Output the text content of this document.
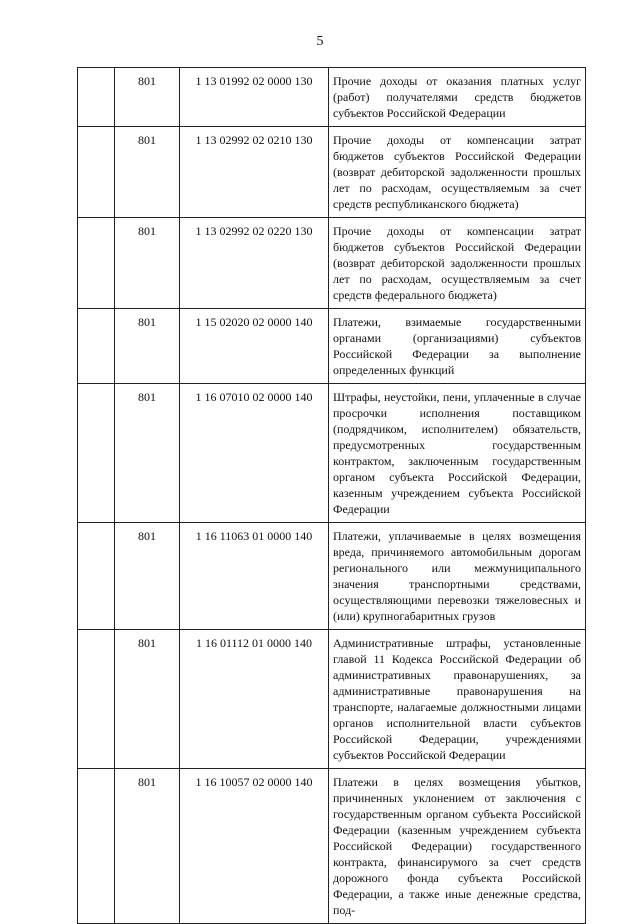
5
	801	1 13 01992 02 0000 130	Прочие доходы от оказания платных услуг (работ) получателями средств бюджетов субъектов Российской Федерации
	801	1 13 02992 02 0210 130	Прочие доходы от компенсации затрат бюджетов субъектов Российской Федерации (возврат дебиторской задолженности прошлых лет по расходам, осуществляемым за счет средств республиканского бюджета)
	801	1 13 02992 02 0220 130	Прочие доходы от компенсации затрат бюджетов субъектов Российской Федерации (возврат дебиторской задолженности прошлых лет по расходам, осуществляемым за счет средств федерального бюджета)
	801	1 15 02020 02 0000 140	Платежи, взимаемые государственными органами (организациями) субъектов Российской Федерации за выполнение определенных функций
	801	1 16 07010 02 0000 140	Штрафы, неустойки, пени, уплаченные в случае просрочки исполнения поставщиком (подрядчиком, исполнителем) обязательств, предусмотренных государственным контрактом, заключенным государственным органом субъекта Российской Федерации, казенным учреждением субъекта Российской Федерации
	801	1 16 11063 01 0000 140	Платежи, уплачиваемые в целях возмещения вреда, причиняемого автомобильным дорогам регионального или межмуниципального значения транспортными средствами, осуществляющими перевозки тяжеловесных и (или) крупногабаритных грузов
	801	1 16 01112 01 0000 140	Административные штрафы, установленные главой 11 Кодекса Российской Федерации об административных правонарушениях, за административные правонарушения на транспорте, налагаемые должностными лицами органов исполнительной власти субъектов Российской Федерации, учреждениями субъектов Российской Федерации
	801	1 16 10057 02 0000 140	Платежи в целях возмещения убытков, причиненных уклонением от заключения с государственным органом субъекта Российской Федерации (казенным учреждением субъекта Российской Федерации) государственного контракта, финансирумого за счет средств дорожного фонда субъекта Российской Федерации, а также иные денежные средства, под-
